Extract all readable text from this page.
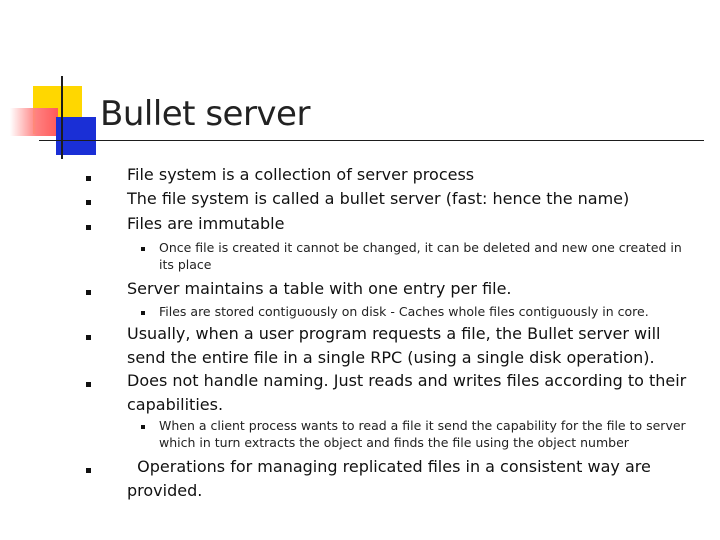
Bullet server
File system is a collection of server process
The file system is called a bullet server (fast: hence the name)
Files are immutable
Once file is created it cannot be changed, it can be deleted and new one created in its place
Server maintains a table with one entry per file.
Files are stored contiguously on disk - Caches whole files contiguously in core.
Usually, when a user program requests a file, the Bullet server will send the entire file in a single RPC (using a single disk operation).
Does not handle naming. Just reads and writes files according to their capabilities.
When a client process wants to read a file it send the capability for the file to server which in turn extracts the object and finds the file using the object number
Operations for managing replicated files in a consistent way are provided.
